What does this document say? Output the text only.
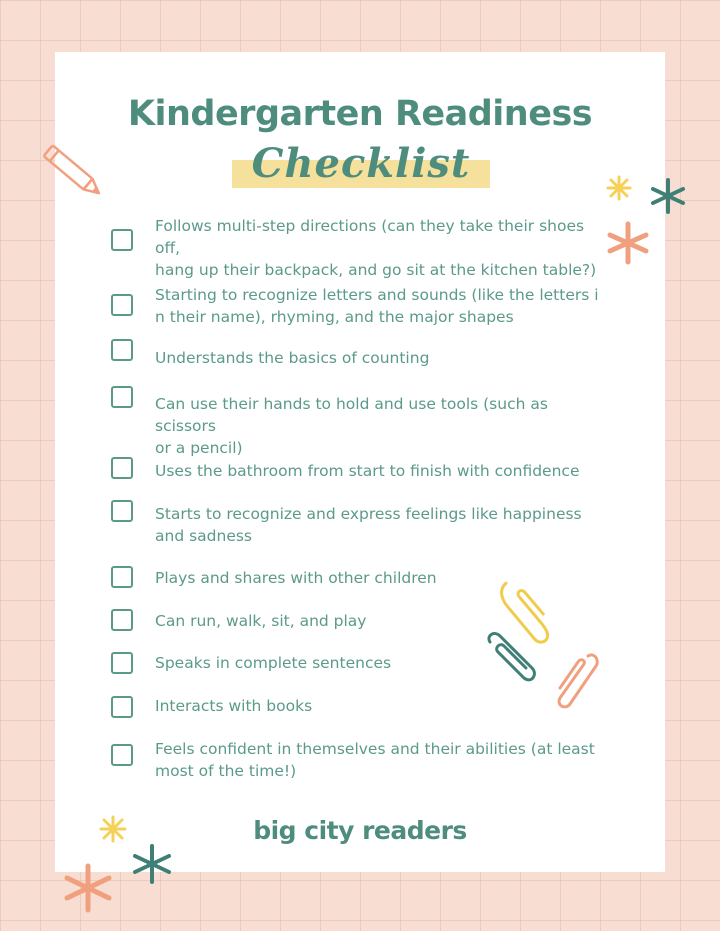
Kindergarten Readiness
Checklist
Follows multi-step directions (can they take their shoes off,
hang up their backpack, and go sit at the kitchen table?)
Starting to recognize letters and sounds (like the letters i
n their name), rhyming, and the major shapes
Understands the basics of counting
Can use their hands to hold and use tools (such as scissors
or a pencil)
Uses the bathroom from start to finish with confidence
Starts to recognize and express feelings like happiness
and sadness
Plays and shares with other children
Can run, walk, sit, and play
Speaks in complete sentences
Interacts with books
Feels confident in themselves and their abilities (at least
most of the time!)
big city readers
